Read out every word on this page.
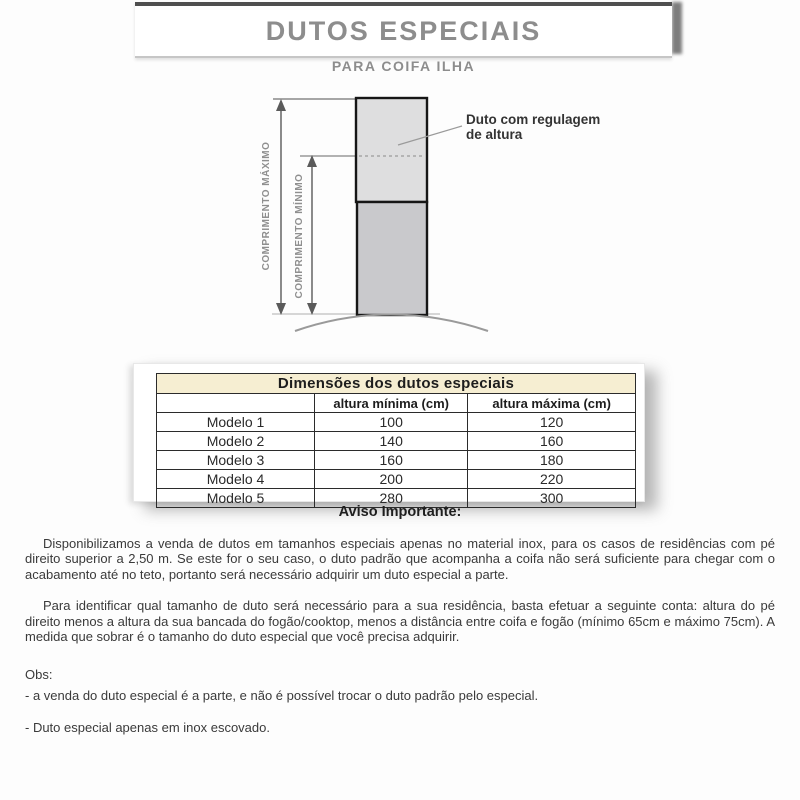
DUTOS ESPECIAIS
PARA COIFA ILHA
COMPRIMENTO MÁXIMO COMPRIMENTO MÍNIMO
Duto com regulagem
de altura
Dimensões dos dutos especiais		
	altura mínima (cm)	altura máxima (cm)
Modelo 1	100	120
Modelo 2	140	160
Modelo 3	160	180
Modelo 4	200	220
Modelo 5	280	300
Aviso Importante:

Disponibilizamos a venda de dutos em tamanhos especiais apenas no material inox, para os casos de residências com pé direito superior a 2,50 m. Se este for o seu caso, o duto padrão que acompanha a coifa não será suficiente para chegar com o acabamento até no teto, portanto será necessário adquirir um duto especial a parte.

Para identificar qual tamanho de duto será necessário para a sua residência, basta efetuar a seguinte conta: altura do pé direito menos a altura da sua bancada do fogão/cooktop, menos a distância entre coifa e fogão (mínimo 65cm e máximo 75cm). A medida que sobrar é o tamanho do duto especial que você precisa adquirir.

Obs:

- a venda do duto especial é a parte, e não é possível trocar o duto padrão pelo especial.

- Duto especial apenas em inox escovado.
